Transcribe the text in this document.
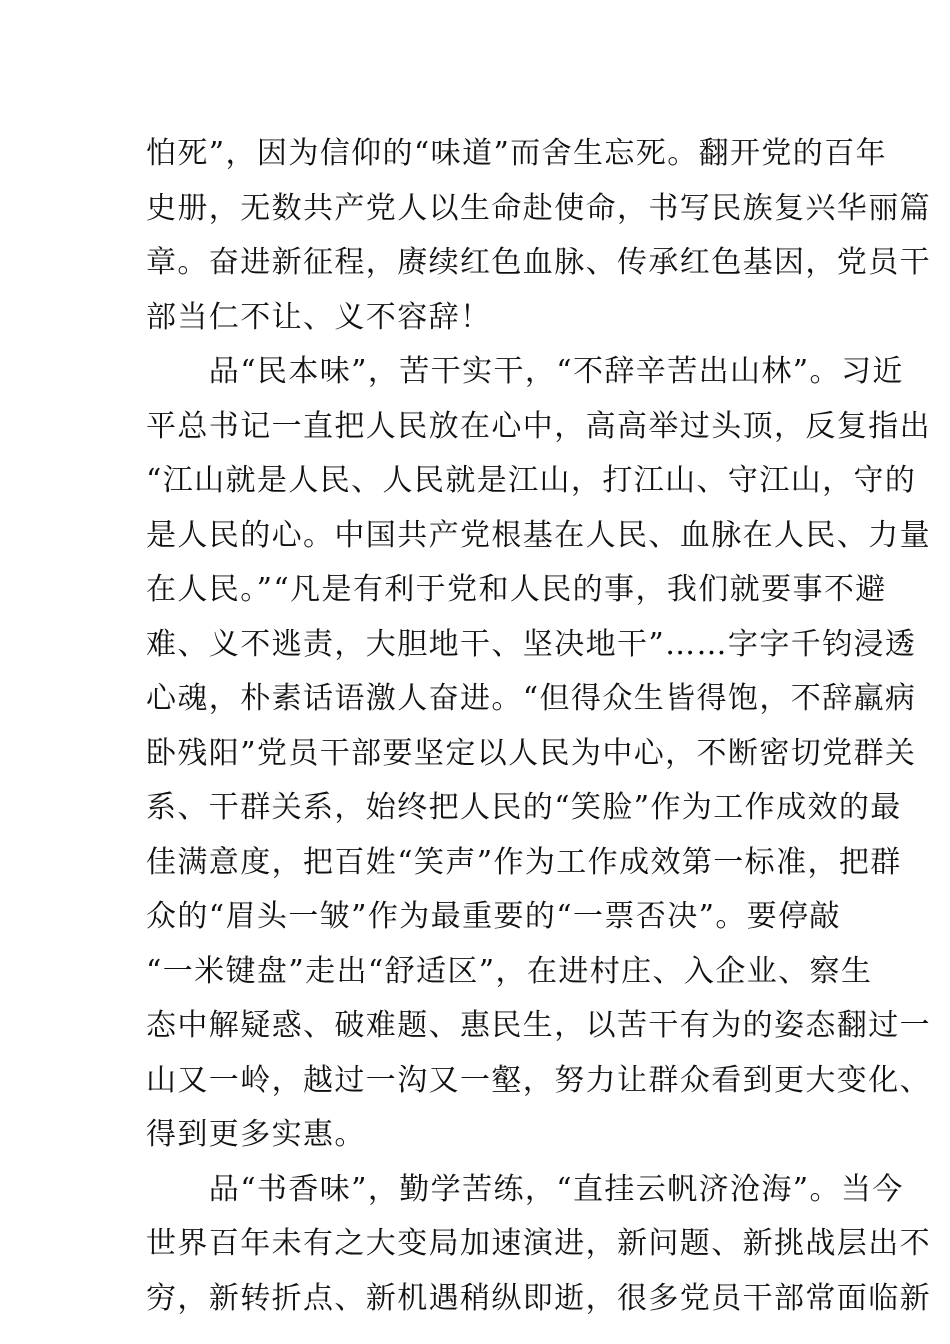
怕死”，因为信仰的“味道”而舍生忘死。翻开党的百年
史册，无数共产党人以生命赴使命，书写民族复兴华丽篇
章。奋进新征程，赓续红色血脉、传承红色基因，党员干
部当仁不让、义不容辞！
　　品“民本味”，苦干实干，“不辞辛苦出山林”。习近
平总书记一直把人民放在心中，高高举过头顶，反复指出
“江山就是人民、人民就是江山，打江山、守江山，守的
是人民的心。中国共产党根基在人民、血脉在人民、力量
在人民。”“凡是有利于党和人民的事，我们就要事不避
难、义不逃责，大胆地干、坚决地干”……字字千钧浸透
心魂，朴素话语激人奋进。“但得众生皆得饱，不辞羸病
卧残阳”党员干部要坚定以人民为中心，不断密切党群关
系、干群关系，始终把人民的“笑脸”作为工作成效的最
佳满意度，把百姓“笑声”作为工作成效第一标准，把群
众的“眉头一皱”作为最重要的“一票否决”。要停敲
“一米键盘”走出“舒适区”，在进村庄、入企业、察生
态中解疑惑、破难题、惠民生，以苦干有为的姿态翻过一
山又一岭，越过一沟又一壑，努力让群众看到更大变化、
得到更多实惠。
　　品“书香味”，勤学苦练，“直挂云帆济沧海”。当今
世界百年未有之大变局加速演进，新问题、新挑战层出不
穷，新转折点、新机遇稍纵即逝，很多党员干部常面临新
